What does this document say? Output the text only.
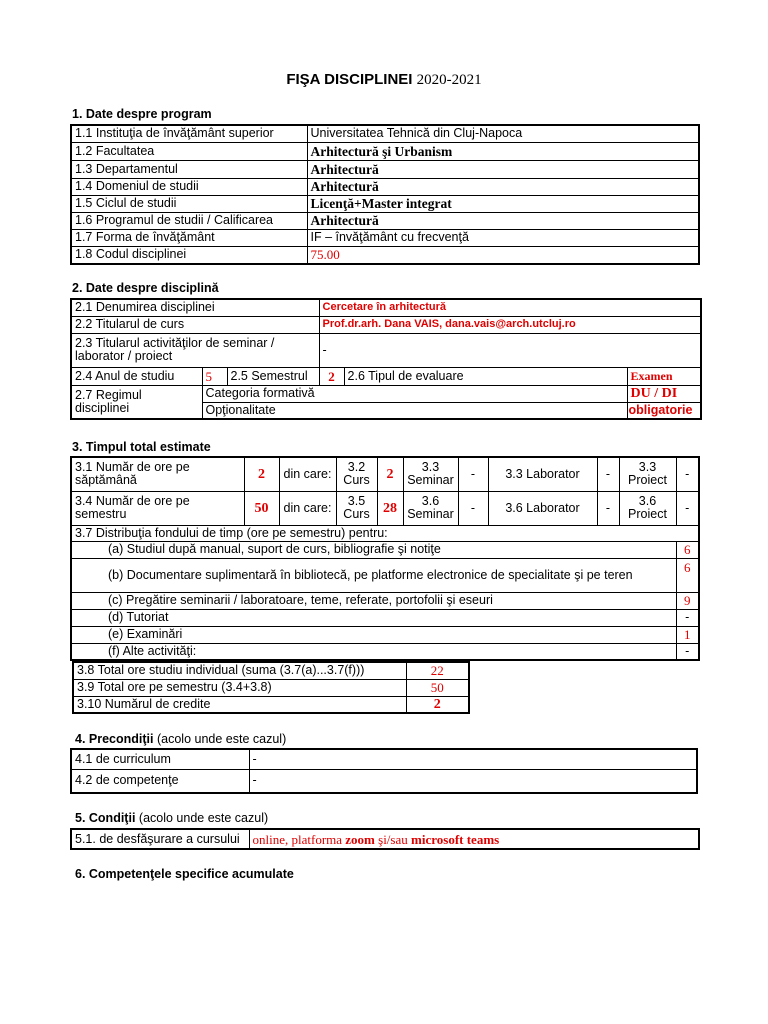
FIŞA DISCIPLINEI 2020-2021
1. Date despre program
1.1 Instituţia de învăţământ superior	Universitatea Tehnică din Cluj-Napoca
1.2 Facultatea	Arhitectură şi Urbanism
1.3 Departamentul	Arhitectură
1.4 Domeniul de studii	Arhitectură
1.5 Ciclul de studii	Licenţă+Master integrat
1.6 Programul de studii / Calificarea	Arhitectură
1.7 Forma de învăţământ	IF – învăţământ cu frecvenţă
1.8 Codul disciplinei	75.00
2. Date despre disciplină
2.1 Denumirea disciplinei			Cercetare în arhitectură		
2.2 Titularul de curs			Prof.dr.arh. Dana VAIS, dana.vais@arch.utcluj.ro		
2.3 Titularul activităţilor de seminar / laborator / proiect			-		
2.4 Anul de studiu	5	2.5 Semestrul	2	2.6 Tipul de evaluare	Examen
2.7 Regimul disciplinei	Categoria formativă				DU / DI
	Opţionalitate				obligatorie
3. Timpul total estimate
3.1 Număr de ore pe săptămână	2	din care:	3.2 Curs	2	3.3 Seminar	-	3.3 Laborator	-	3.3 Proiect	-
3.4 Număr de ore pe semestru	50	din care:	3.5 Curs	28	3.6 Seminar	-	3.6 Laborator	-	3.6 Proiect	-
3.7 Distribuţia fondului de timp (ore pe semestru) pentru:										
(a) Studiul după manual, suport de curs, bibliografie şi notiţe										6
(b) Documentare suplimentară în bibliotecă, pe platforme electronice de specialitate şi pe teren										6
(c) Pregătire seminarii / laboratoare, teme, referate, portofolii şi eseuri										9
(d) Tutoriat										-
(e) Examinări										1
(f) Alte activităţi:										-
3.8 Total ore studiu individual (suma (3.7(a)...3.7(f)))	22
3.9 Total ore pe semestru (3.4+3.8)	50
3.10 Numărul de credite	2
4. Precondiţii (acolo unde este cazul)
4.1 de curriculum	-
4.2 de competenţe	-
5. Condiţii (acolo unde este cazul)
5.1. de desfăşurare a cursului	online, platforma zoom şi/sau microsoft teams
6. Competenţele specifice acumulate
